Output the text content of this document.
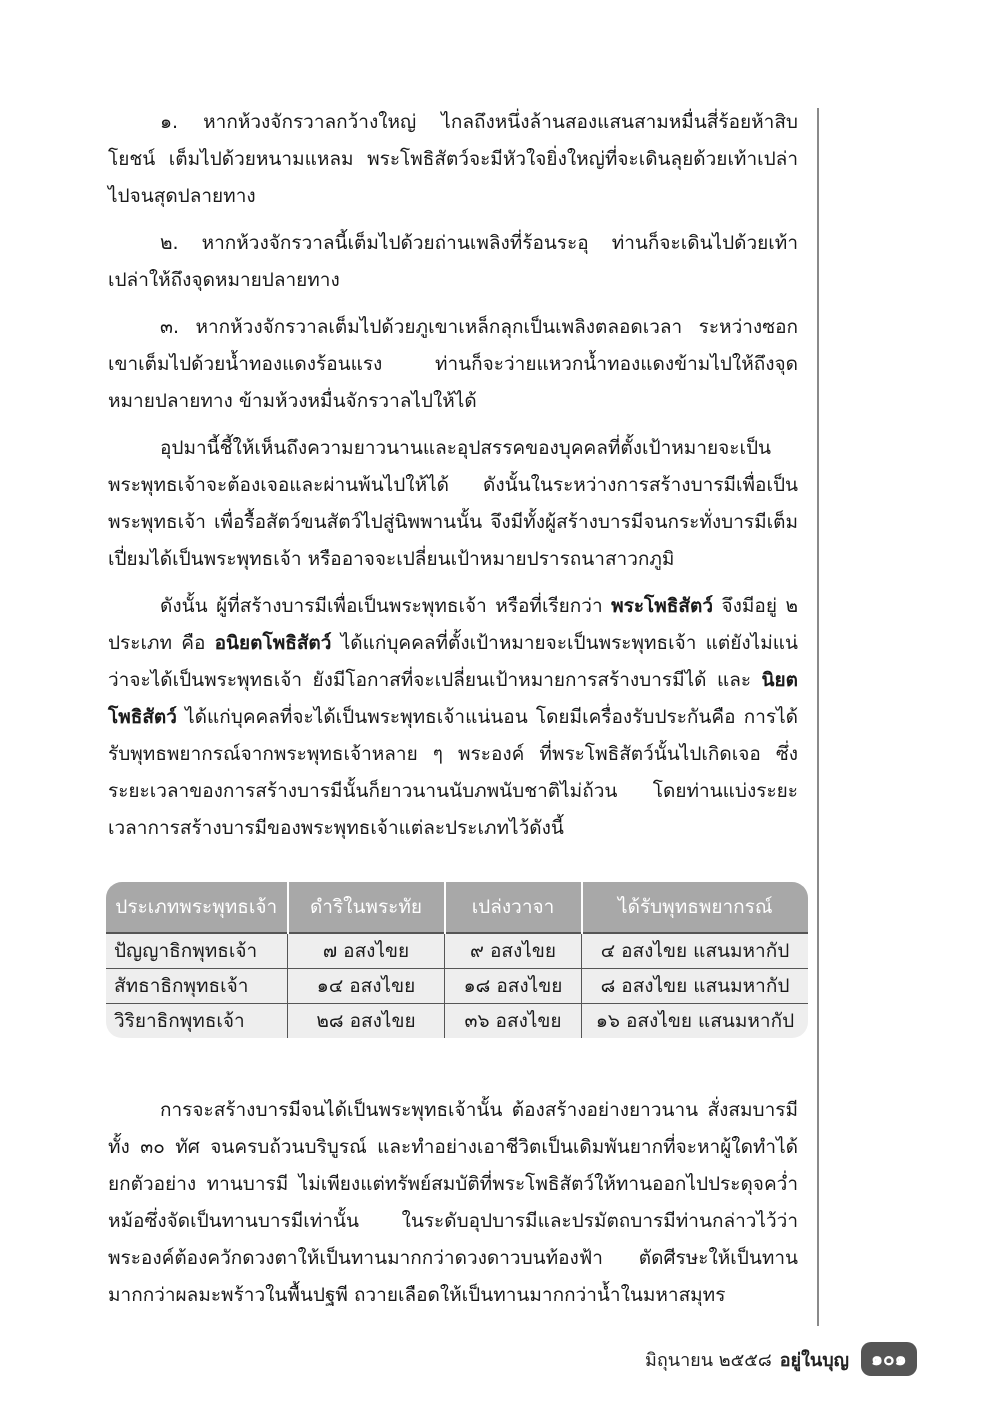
๑. หากห้วงจักรวาลกว้างใหญ่ ไกลถึงหนึ่งล้านสองแสนสามหมื่นสี่ร้อยห้าสิบโยชน์ เต็มไปด้วยหนามแหลม พระโพธิสัตว์จะมีหัวใจยิ่งใหญ่ที่จะเดินลุยด้วยเท้าเปล่าไปจนสุดปลายทาง

๒. หากห้วงจักรวาลนี้เต็มไปด้วยถ่านเพลิงที่ร้อนระอุ ท่านก็จะเดินไปด้วยเท้าเปล่าให้ถึงจุดหมายปลายทาง

๓. หากห้วงจักรวาลเต็มไปด้วยภูเขาเหล็กลุกเป็นเพลิงตลอดเวลา ระหว่างซอกเขาเต็มไปด้วยน้ำทองแดงร้อนแรง ท่านก็จะว่ายแหวกน้ำทองแดงข้ามไปให้ถึงจุดหมายปลายทาง ข้ามห้วงหมื่นจักรวาลไปให้ได้

อุปมานี้ชี้ให้เห็นถึงความยาวนานและอุปสรรคของบุคคลที่ตั้งเป้าหมายจะเป็นพระพุทธเจ้าจะต้องเจอและผ่านพ้นไปให้ได้ ดังนั้นในระหว่างการสร้างบารมีเพื่อเป็นพระพุทธเจ้า เพื่อรื้อสัตว์ขนสัตว์ไปสู่นิพพานนั้น จึงมีทั้งผู้สร้างบารมีจนกระทั่งบารมีเต็มเปี่ยมได้เป็นพระพุทธเจ้า หรืออาจจะเปลี่ยนเป้าหมายปรารถนาสาวกภูมิ

ดังนั้น ผู้ที่สร้างบารมีเพื่อเป็นพระพุทธเจ้า หรือที่เรียกว่า พระโพธิสัตว์ จึงมีอยู่ ๒ ประเภท คือ อนิยตโพธิสัตว์ ได้แก่บุคคลที่ตั้งเป้าหมายจะเป็นพระพุทธเจ้า แต่ยังไม่แน่ว่าจะได้เป็นพระพุทธเจ้า ยังมีโอกาสที่จะเปลี่ยนเป้าหมายการสร้างบารมีได้ และ นิยตโพธิสัตว์ ได้แก่บุคคลที่จะได้เป็นพระพุทธเจ้าแน่นอน โดยมีเครื่องรับประกันคือ การได้รับพุทธพยากรณ์จากพระพุทธเจ้าหลาย ๆ พระองค์ ที่พระโพธิสัตว์นั้นไปเกิดเจอ ซึ่งระยะเวลาของการสร้างบารมีนั้นก็ยาวนานนับภพนับชาติไม่ถ้วน โดยท่านแบ่งระยะเวลาการสร้างบารมีของพระพุทธเจ้าแต่ละประเภทไว้ดังนี้

ประเภทพระพุทธเจ้า	ดำริในพระทัย	เปล่งวาจา	ได้รับพุทธพยากรณ์
ปัญญาธิกพุทธเจ้า	๗ อสงไขย	๙ อสงไขย	๔ อสงไขย แสนมหากัป
สัทธาธิกพุทธเจ้า	๑๔ อสงไขย	๑๘ อสงไขย	๘ อสงไขย แสนมหากัป
วิริยาธิกพุทธเจ้า	๒๘ อสงไขย	๓๖ อสงไขย	๑๖ อสงไขย แสนมหากัป

การจะสร้างบารมีจนได้เป็นพระพุทธเจ้านั้น ต้องสร้างอย่างยาวนาน สั่งสมบารมีทั้ง ๓๐ ทัศ จนครบถ้วนบริบูรณ์ และทำอย่างเอาชีวิตเป็นเดิมพันยากที่จะหาผู้ใดทำได้ ยกตัวอย่าง ทานบารมี ไม่เพียงแต่ทรัพย์สมบัติที่พระโพธิสัตว์ให้ทานออกไปประดุจคว่ำหม้อซึ่งจัดเป็นทานบารมีเท่านั้น ในระดับอุปบารมีและปรมัตถบารมีท่านกล่าวไว้ว่า พระองค์ต้องควักดวงตาให้เป็นทานมากกว่าดวงดาวบนท้องฟ้า ตัดศีรษะให้เป็นทานมากกว่าผลมะพร้าวในพื้นปฐพี ถวายเลือดให้เป็นทานมากกว่าน้ำในมหาสมุทร

มิถุนายน ๒๕๕๘ อยู่ในบุญ	๑๐๑
